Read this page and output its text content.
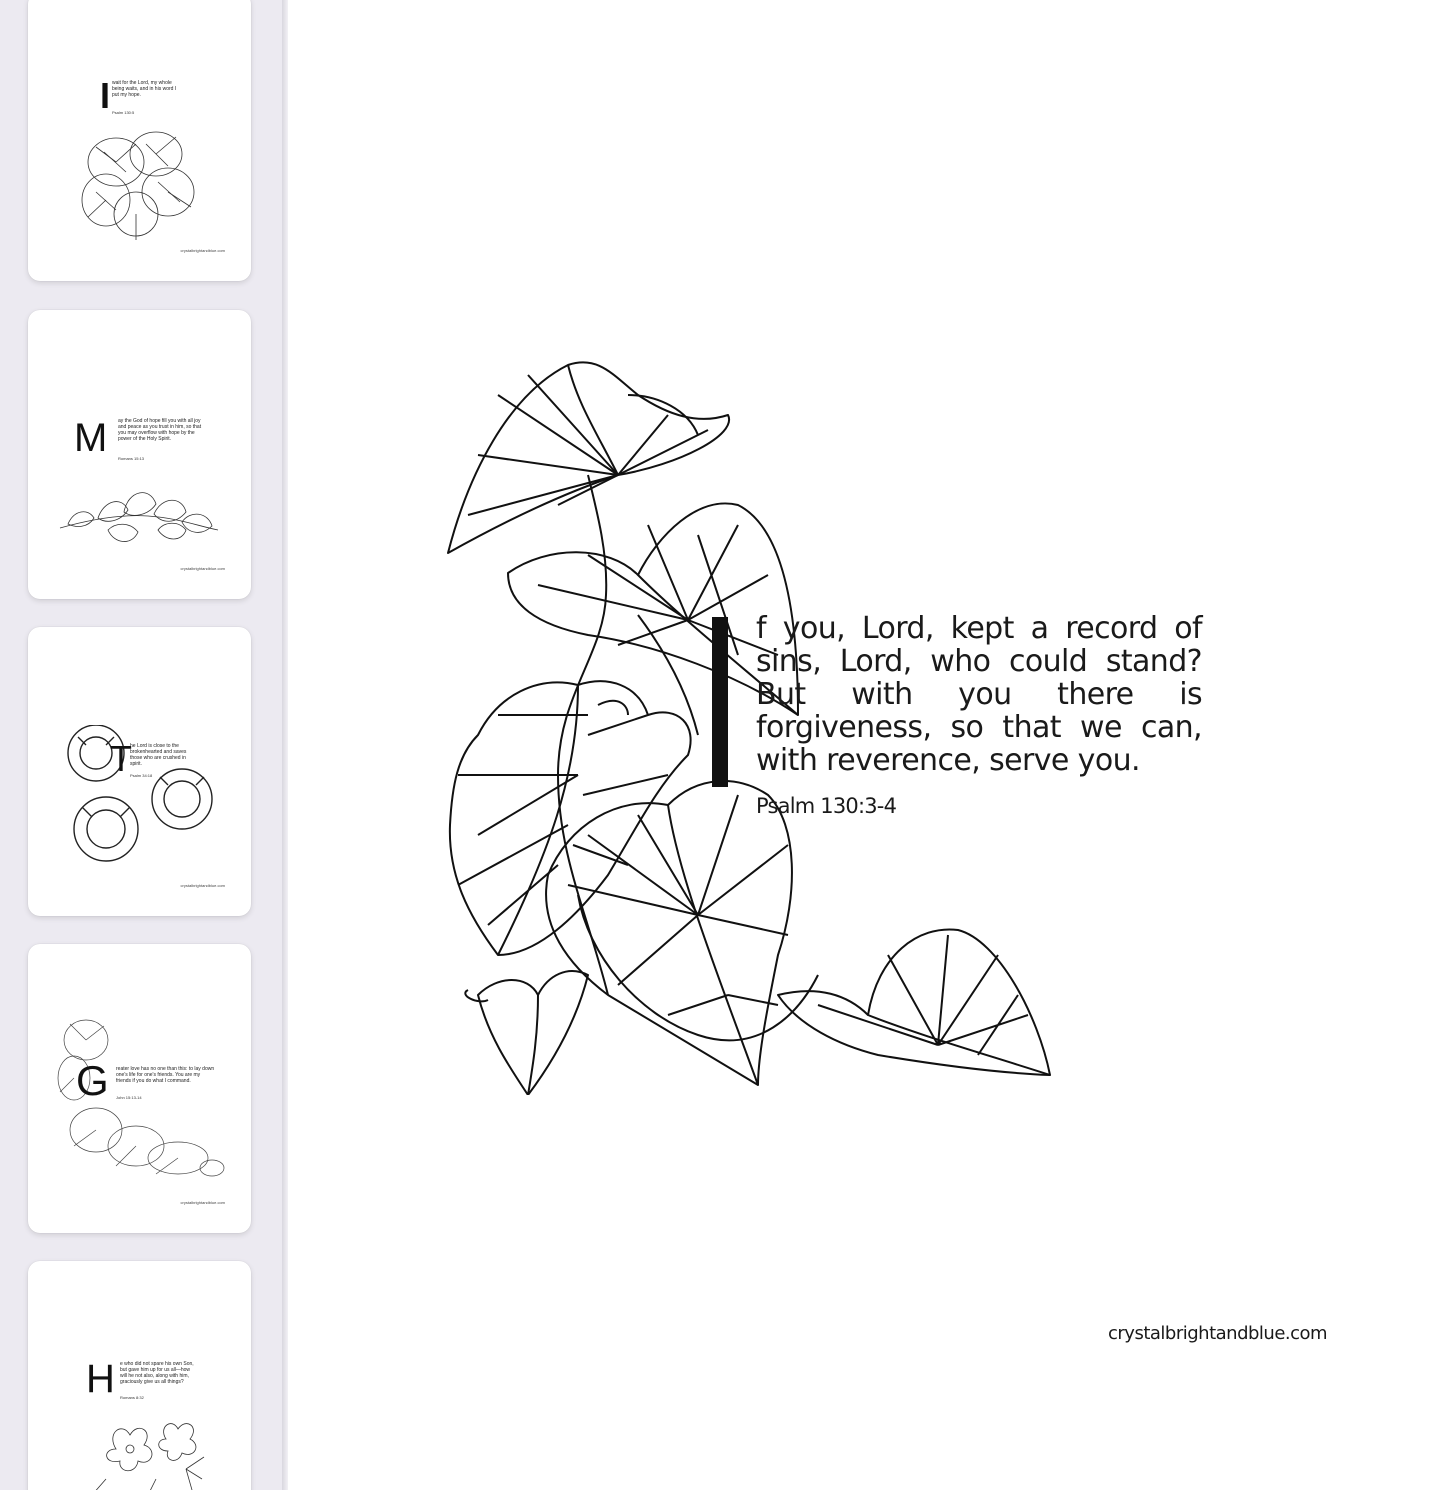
I wait for the Lord, my whole being waits, and in his word I put my hope.
Psalm 130:5
crystalbrightandblue.com
M ay the God of hope fill you with all joy and peace as you trust in him, so that you may overflow with hope by the power of the Holy Spirit.
Romans 15:13
crystalbrightandblue.com
T
he Lord is close to the brokenhearted and saves those who are crushed in spirit.
Psalm 34:18
crystalbrightandblue.com
G reater love has no one than this: to lay down one's life for one's friends. You are my friends if you do what I command.
John 15:13-14
crystalbrightandblue.com
H e who did not spare his own Son, but gave him up for us all—how will he not also, along with him, graciously give us all things?
Romans 8:32
f you, Lord, kept a record of sins, Lord, who could stand? But with you there is forgiveness, so that we can, with reverence, serve you.
Psalm 130:3-4
crystalbrightandblue.com
